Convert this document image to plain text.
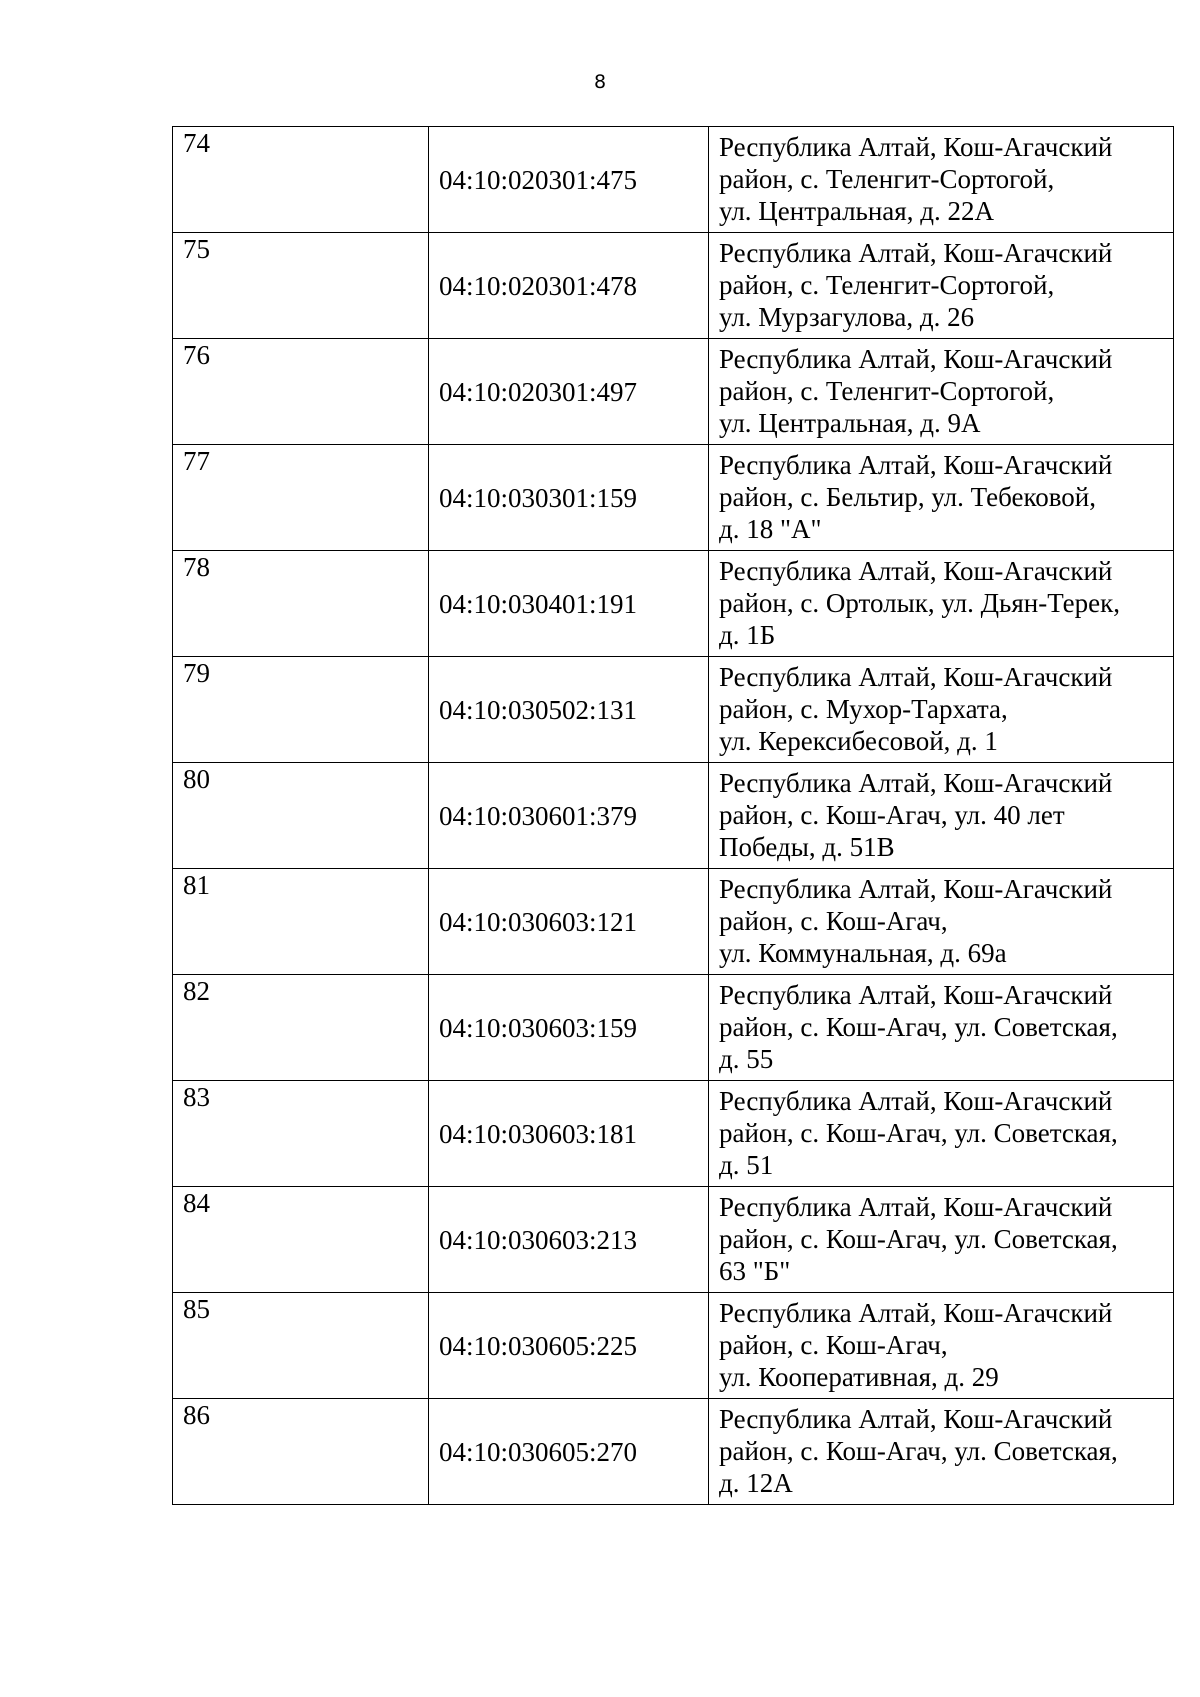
8
74	04:10:020301:475	Республика Алтай, Кош-Агачский
район, с. Теленгит-Сортогой,
ул. Центральная, д. 22А

75	04:10:020301:478	Республика Алтай, Кош-Агачский
район, с. Теленгит-Сортогой,
ул. Мурзагулова, д. 26

76	04:10:020301:497	Республика Алтай, Кош-Агачский
район, с. Теленгит-Сортогой,
ул. Центральная, д. 9А

77	04:10:030301:159	Республика Алтай, Кош-Агачский
район, с. Бельтир, ул. Тебековой,
д. 18 "А"

78	04:10:030401:191	Республика Алтай, Кош-Агачский
район, с. Ортолык, ул. Дьян-Терек,
д. 1Б

79	04:10:030502:131	Республика Алтай, Кош-Агачский
район, с. Мухор-Тархата,
ул. Керексибесовой, д. 1

80	04:10:030601:379	Республика Алтай, Кош-Агачский
район, с. Кош-Агач, ул. 40 лет
Победы, д. 51В

81	04:10:030603:121	Республика Алтай, Кош-Агачский
район, с. Кош-Агач,
ул. Коммунальная, д. 69а

82	04:10:030603:159	Республика Алтай, Кош-Агачский
район, с. Кош-Агач, ул. Советская,
д. 55

83	04:10:030603:181	Республика Алтай, Кош-Агачский
район, с. Кош-Агач, ул. Советская,
д. 51

84	04:10:030603:213	Республика Алтай, Кош-Агачский
район, с. Кош-Агач, ул. Советская,
63 "Б"

85	04:10:030605:225	Республика Алтай, Кош-Агачский
район, с. Кош-Агач,
ул. Кооперативная, д. 29

86	04:10:030605:270	Республика Алтай, Кош-Агачский
район, с. Кош-Агач, ул. Советская,
д. 12А
